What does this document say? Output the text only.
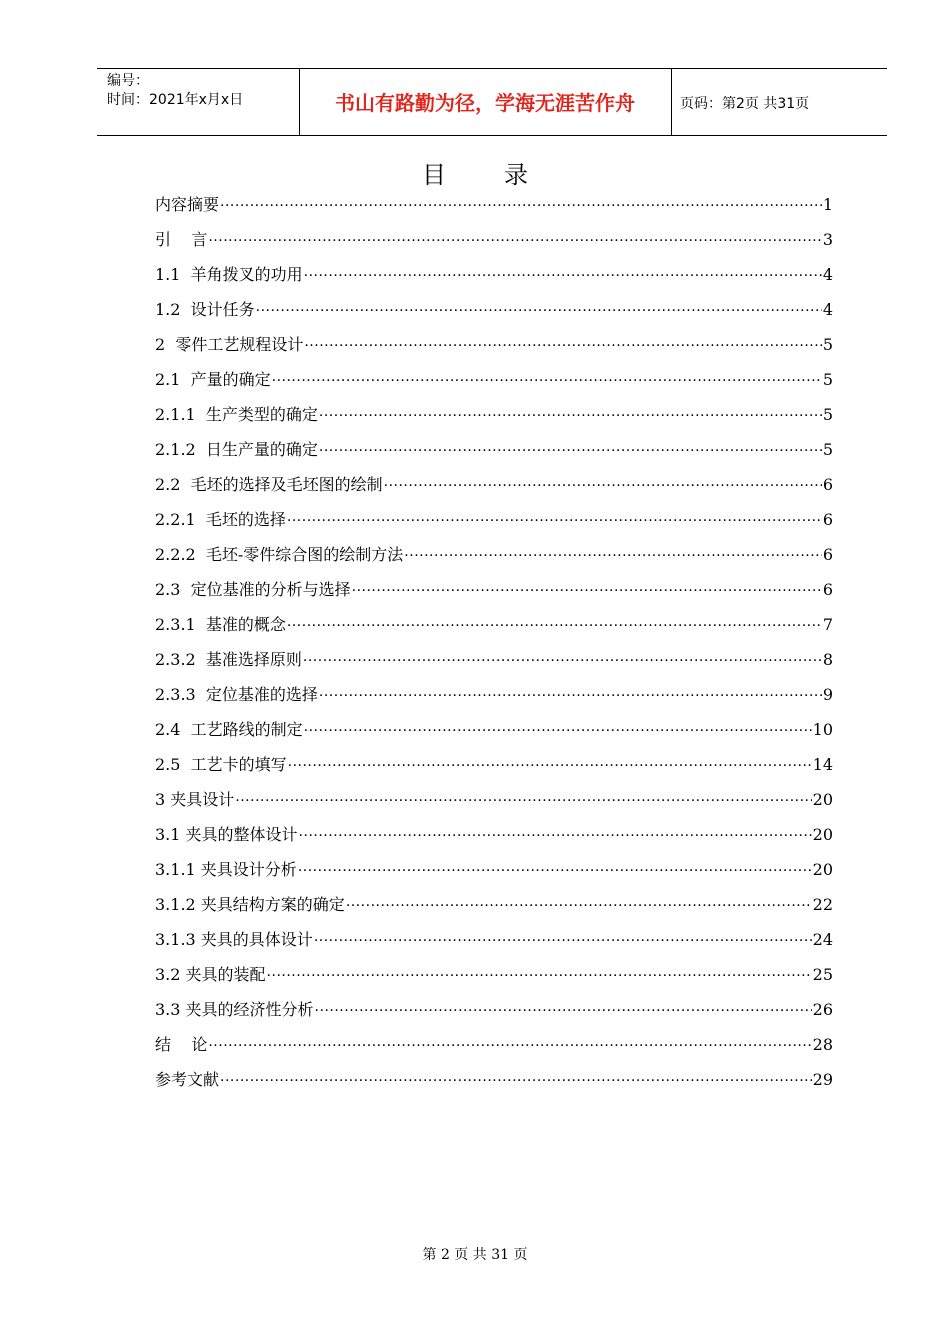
编号：
时间：2021年x月x日	书山有路勤为径，学海无涯苦作舟	页码：第2页 共31页
目录
内容摘要 ·····	1
引    言 ·····	3
1.1  羊角拨叉的功用 ·····	4
1.2  设计任务 ·····	4
2  零件工艺规程设计 ·····	5
2.1  产量的确定 ·····	5
2.1.1  生产类型的确定 ·····	5
2.1.2  日生产量的确定 ·····	5
2.2  毛坯的选择及毛坯图的绘制 ·····	6
2.2.1  毛坯的选择 ·····	6
2.2.2  毛坯-零件综合图的绘制方法 ·····	6
2.3  定位基准的分析与选择 ·····	6
2.3.1  基准的概念 ·····	7
2.3.2  基准选择原则 ·····	8
2.3.3  定位基准的选择 ·····	9
2.4  工艺路线的制定 ·····	10
2.5  工艺卡的填写 ·····	14
3 夹具设计 ·····	20
3.1 夹具的整体设计 ·····	20
3.1.1 夹具设计分析 ·····	20
3.1.2 夹具结构方案的确定 ·····	22
3.1.3 夹具的具体设计 ·····	24
3.2 夹具的装配 ·····	25
3.3 夹具的经济性分析 ·····	26
结    论 ·····	28
参考文献 ·····	29
第 2 页 共 31 页
